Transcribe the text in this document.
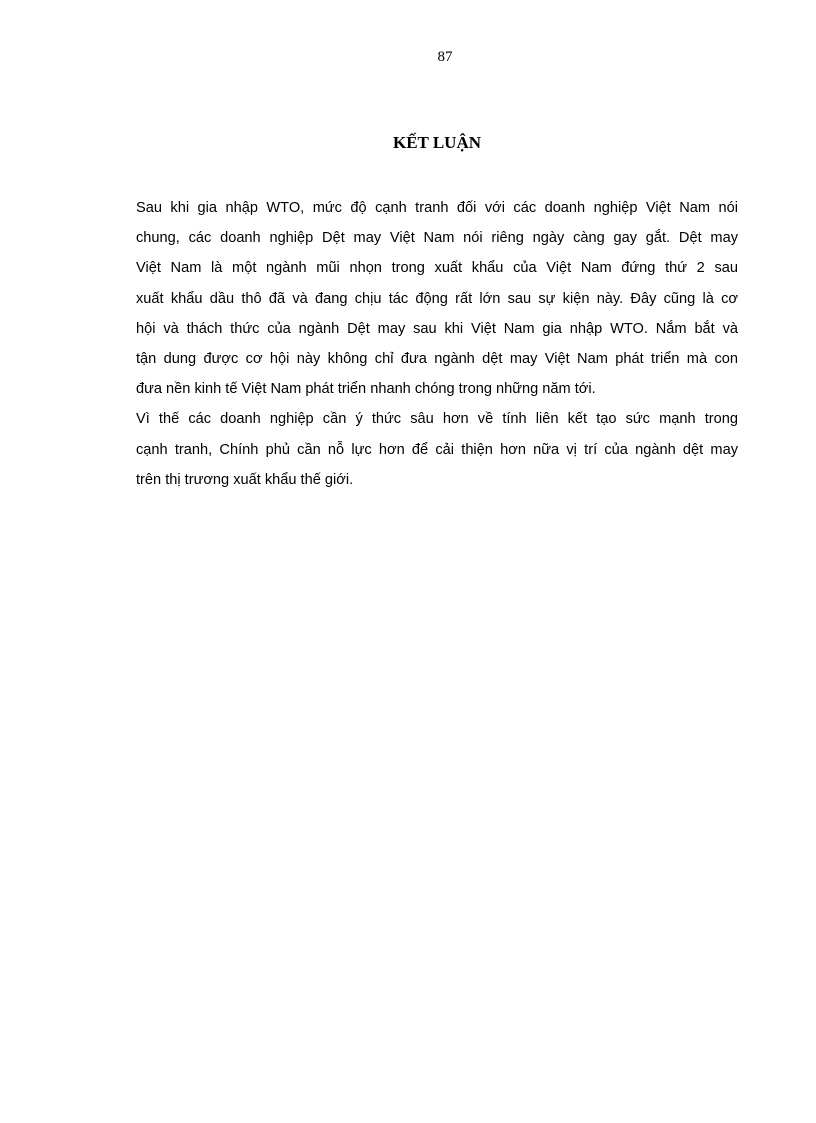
87
KẾT LUẬN
Sau khi gia nhập WTO, mức độ cạnh tranh đối với các doanh nghiệp Việt Nam nói
chung, các doanh nghiệp Dệt may Việt Nam nói riêng ngày càng gay gắt. Dệt may
Việt Nam là một ngành mũi nhọn trong xuất khẩu của Việt Nam đứng thứ 2 sau
xuất khẩu dầu thô đã và đang chịu tác động rất lớn sau sự kiện này. Đây cũng là cơ
hội và thách thức của ngành Dệt may sau khi Việt Nam gia nhập WTO. Nắm bắt và
tận dung được cơ hội này không chỉ đưa ngành dệt may Việt Nam phát triển mà con
đưa nền kinh tế Việt Nam phát triển nhanh chóng trong những năm tới.
Vì thế các doanh nghiệp cần ý thức sâu hơn về tính liên kết tạo sức mạnh trong
cạnh tranh, Chính phủ cần nỗ lực hơn để cải thiện hơn nữa vị trí của ngành dệt may
trên thị trương xuất khẩu thế giới.
